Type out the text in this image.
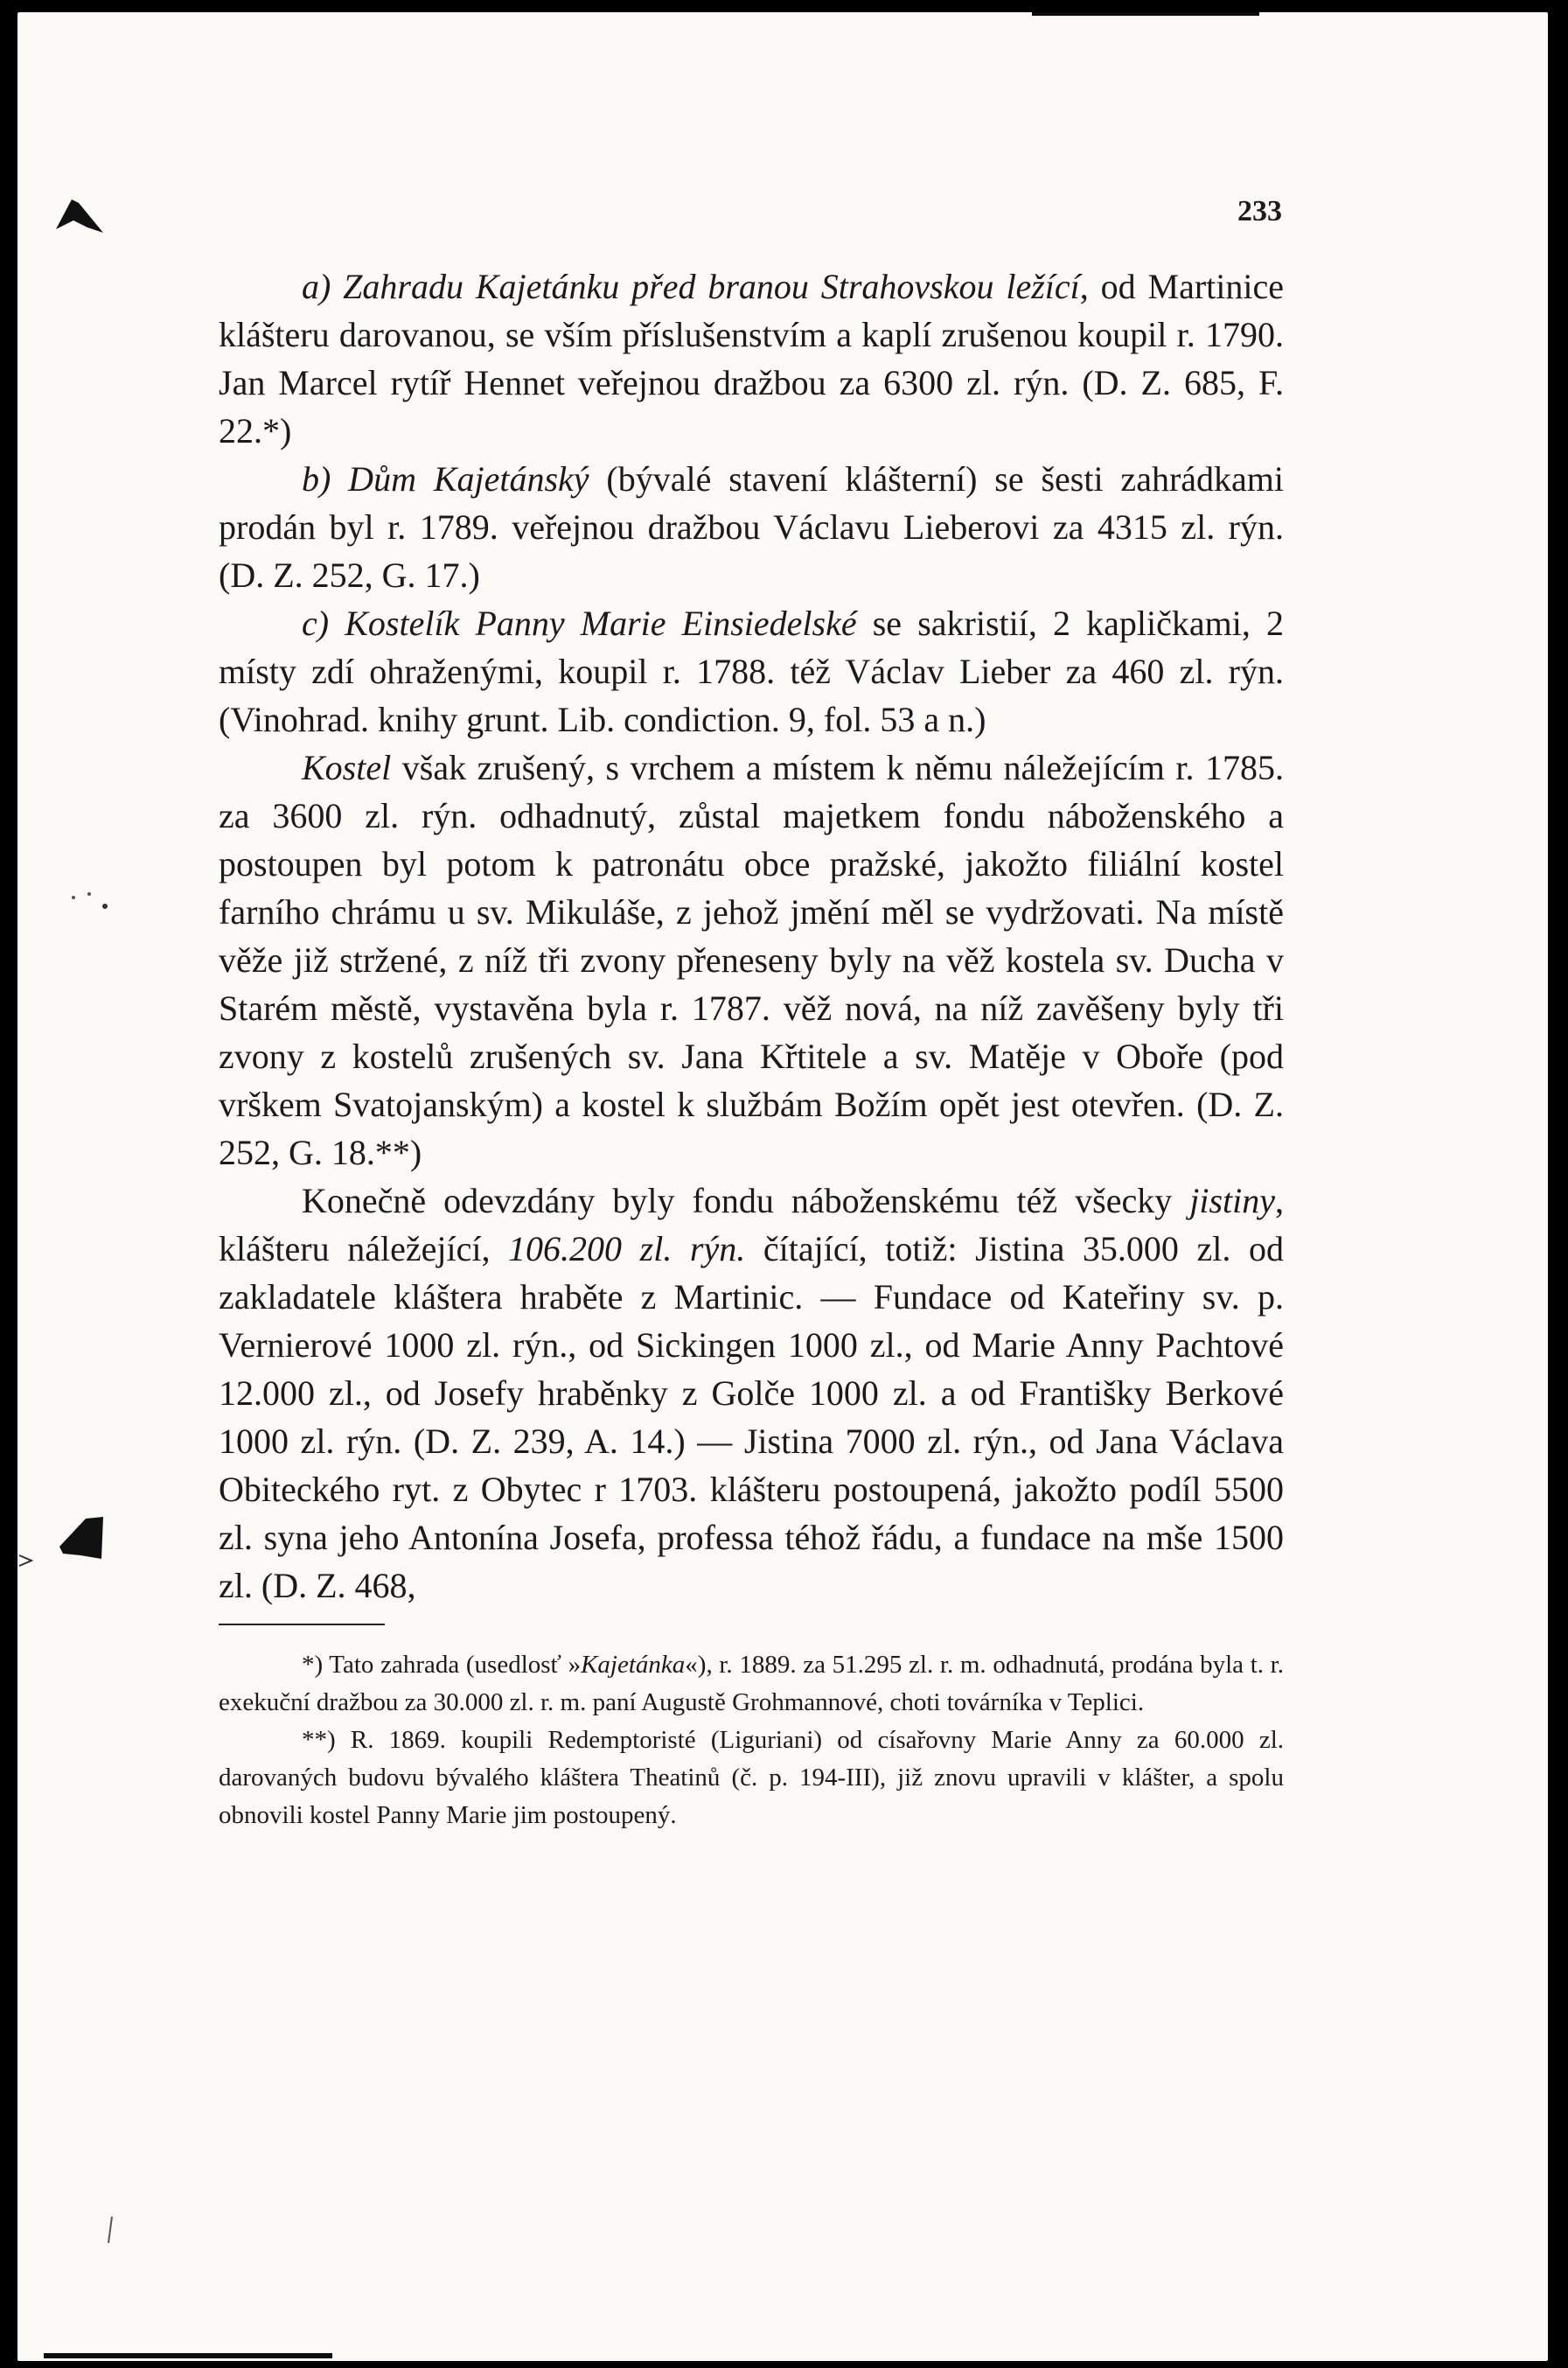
233

a) Zahradu Kajetánku před branou Strahovskou ležící, od Martinice klášteru darovanou, se vším příslušenstvím a kaplí zrušenou koupil r. 1790. Jan Marcel rytíř Hennet veřejnou dražbou za 6300 zl. rýn. (D. Z. 685, F. 22.*)

b) Dům Kajetánský (bývalé stavení klášterní) se šesti zahrádkami prodán byl r. 1789. veřejnou dražbou Václavu Lieberovi za 4315 zl. rýn. (D. Z. 252, G. 17.)

c) Kostelík Panny Marie Einsiedelské se sakristií, 2 kapličkami, 2 místy zdí ohraženými, koupil r. 1788. též Václav Lieber za 460 zl. rýn. (Vinohrad. knihy grunt. Lib. condiction. 9, fol. 53 a n.)

Kostel však zrušený, s vrchem a místem k němu náležejícím r. 1785. za 3600 zl. rýn. odhadnutý, zůstal majetkem fondu náboženského a postoupen byl potom k patronátu obce pražské, jakožto filiální kostel farního chrámu u sv. Mikuláše, z jehož jmění měl se vydržovati. Na místě věže již stržené, z níž tři zvony přeneseny byly na věž kostela sv. Ducha v Starém městě, vystavěna byla r. 1787. věž nová, na níž zavěšeny byly tři zvony z kostelů zrušených sv. Jana Křtitele a sv. Matěje v Oboře (pod vrškem Svatojanským) a kostel k službám Božím opět jest otevřen. (D. Z. 252, G. 18.**)

Konečně odevzdány byly fondu náboženskému též všecky jistiny, klášteru náležející, 106.200 zl. rýn. čítající, totiž: Jistina 35.000 zl. od zakladatele kláštera hraběte z Martinic. — Fundace od Kateřiny sv. p. Vernierové 1000 zl. rýn., od Sickingen 1000 zl., od Marie Anny Pachtové 12.000 zl., od Josefy hraběnky z Golče 1000 zl. a od Františky Berkové 1000 zl. rýn. (D. Z. 239, A. 14.) — Jistina 7000 zl. rýn., od Jana Václava Obiteckého ryt. z Obytec r 1703. klášteru postoupená, jakožto podíl 5500 zl. syna jeho Antonína Josefa, professa téhož řádu, a fundace na mše 1500 zl. (D. Z. 468,

*) Tato zahrada (usedlosť »Kajetánka«), r. 1889. za 51.295 zl. r. m. odhadnutá, prodána byla t. r. exekuční dražbou za 30.000 zl. r. m. paní Augustě Grohmannové, choti továrníka v Teplici.

**) R. 1869. koupili Redemptoristé (Liguriani) od císařovny Marie Anny za 60.000 zl. darovaných budovu bývalého kláštera Theatinů (č. p. 194-III), již znovu upravili v klášter, a spolu obnovili kostel Panny Marie jim postoupený.
